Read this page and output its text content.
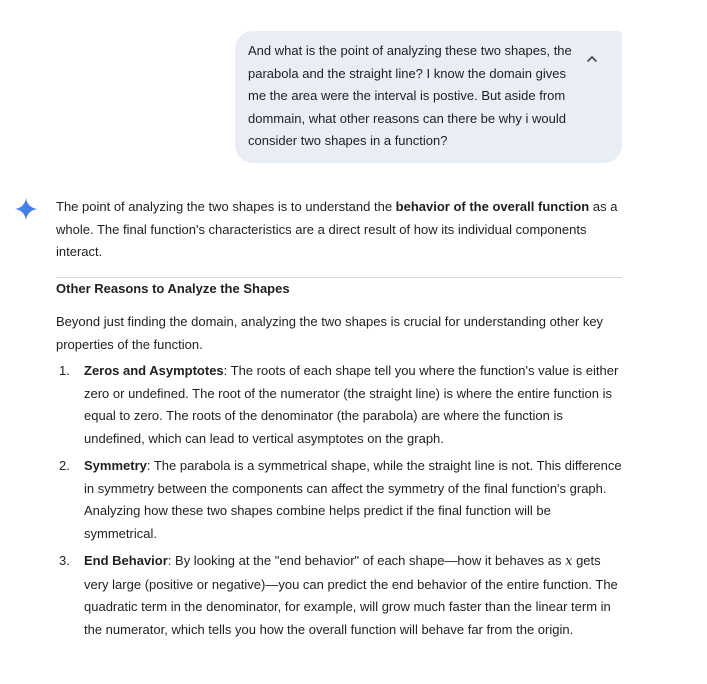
And what is the point of analyzing these two shapes, the parabola and the straight line? I know the domain gives me the area were the interval is postive. But aside from dommain, what other reasons can there be why i would consider two shapes in a function?

The point of analyzing the two shapes is to understand the behavior of the overall function as a whole. The final function's characteristics are a direct result of how its individual components interact.

Other Reasons to Analyze the Shapes

Beyond just finding the domain, analyzing the two shapes is crucial for understanding other key properties of the function.

1. Zeros and Asymptotes: The roots of each shape tell you where the function's value is either zero or undefined. The root of the numerator (the straight line) is where the entire function is equal to zero. The roots of the denominator (the parabola) are where the function is undefined, which can lead to vertical asymptotes on the graph.
2. Symmetry: The parabola is a symmetrical shape, while the straight line is not. This difference in symmetry between the components can affect the symmetry of the final function's graph. Analyzing how these two shapes combine helps predict if the final function will be symmetrical.
3. End Behavior: By looking at the "end behavior" of each shape—how it behaves as x gets very large (positive or negative)—you can predict the end behavior of the entire function. The quadratic term in the denominator, for example, will grow much faster than the linear term in the numerator, which tells you how the overall function will behave far from the origin.
